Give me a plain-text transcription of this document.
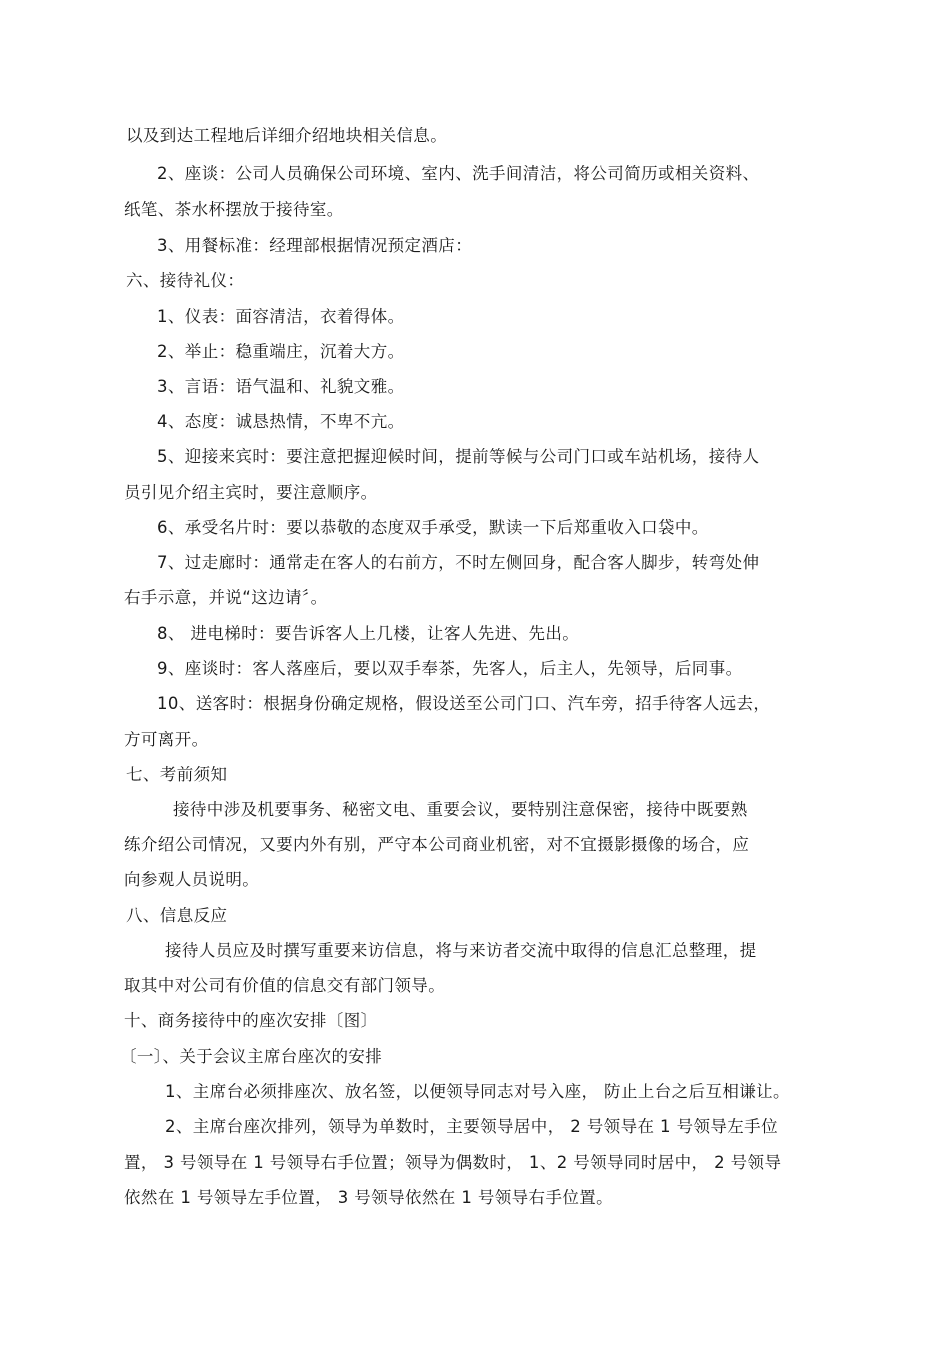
以及到达工程地后详细介绍地块相关信息。
2、座谈：公司人员确保公司环境、室内、洗手间清洁，将公司简历或相关资料、
纸笔、茶水杯摆放于接待室。
3、用餐标准：经理部根据情况预定酒店：
六、接待礼仪：
1、仪表：面容清洁，衣着得体。
2、举止：稳重端庄，沉着大方。
3、言语：语气温和、礼貌文雅。
4、态度：诚恳热情，不卑不亢。
5、迎接来宾时：要注意把握迎候时间，提前等候与公司门口或车站机场，接待人
员引见介绍主宾时，要注意顺序。
6、承受名片时：要以恭敬的态度双手承受，默读一下后郑重收入口袋中。
7、过走廊时：通常走在客人的右前方，不时左侧回身，配合客人脚步，转弯处伸
右手示意，并说“这边请〞。
8、 进电梯时：要告诉客人上几楼，让客人先进、先出。
9、座谈时：客人落座后，要以双手奉茶，先客人，后主人，先领导，后同事。
10、送客时：根据身份确定规格，假设送至公司门口、汽车旁，招手待客人远去，
方可离开。
七、考前须知
接待中涉及机要事务、秘密文电、重要会议，要特别注意保密，接待中既要熟
练介绍公司情况，又要内外有别，严守本公司商业机密，对不宜摄影摄像的场合，应
向参观人员说明。
八、信息反应
接待人员应及时撰写重要来访信息，将与来访者交流中取得的信息汇总整理，提
取其中对公司有价值的信息交有部门领导。
十、商务接待中的座次安排〔图〕
〔一〕、关于会议主席台座次的安排
1、主席台必须排座次、放名签，以便领导同志对号入座， 防止上台之后互相谦让。
2、主席台座次排列，领导为单数时，主要领导居中， 2 号领导在 1 号领导左手位
置， 3 号领导在 1 号领导右手位置；领导为偶数时， 1、2 号领导同时居中， 2 号领导
依然在 1 号领导左手位置， 3 号领导依然在 1 号领导右手位置。
